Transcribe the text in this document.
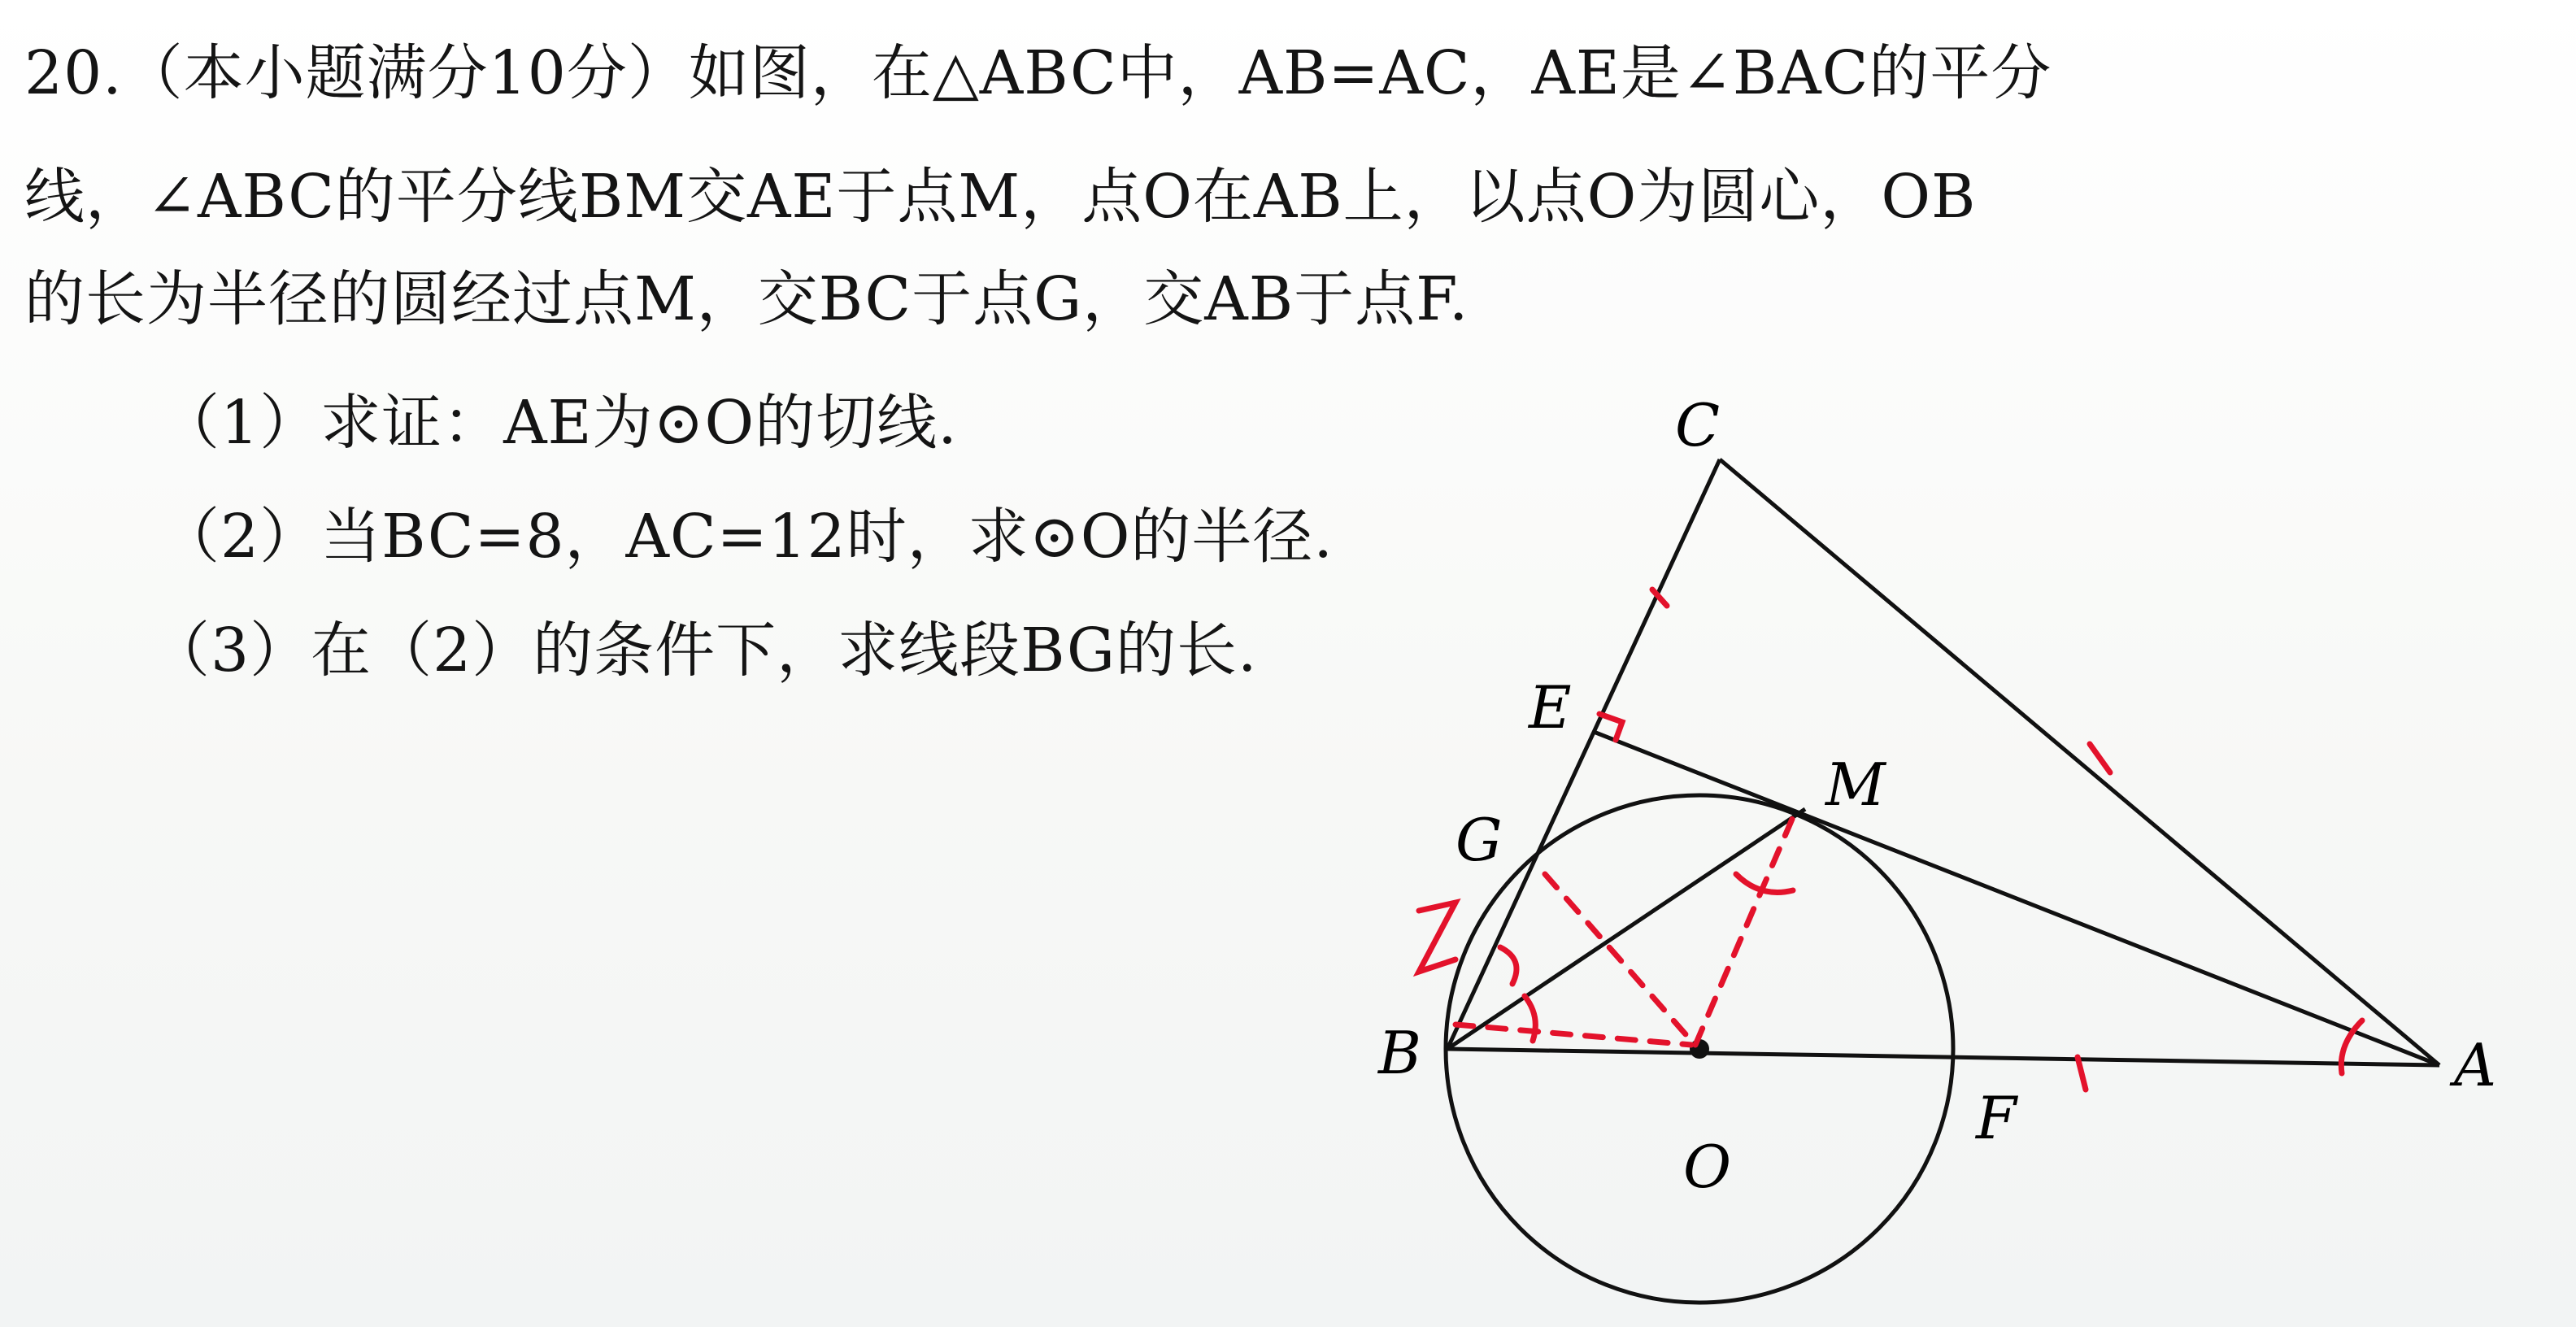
20.（本小题满分10分）如图，在△ABC中，AB=AC，AE是∠BAC的平分
线，∠ABC的平分线BM交AE于点M，点O在AB上，以点O为圆心，OB
的长为半径的圆经过点M，交BC于点G，交AB于点F.
（1）求证：AE为⊙O的切线.
（2）当BC=8，AC=12时，求⊙O的半径.
（3）在（2）的条件下，求线段BG的长.
C
E
M
G
B
O
F
A
